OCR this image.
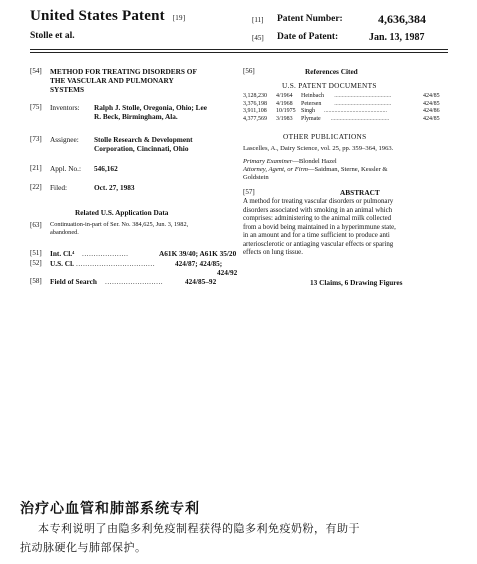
United States Patent [19]
Stolle et al.
[11] Patent Number:	4,636,384
[45] Date of Patent:	Jan. 13, 1987
[54] METHOD FOR TREATING DISORDERS OF
THE VASCULAR AND PULMONARY
SYSTEMS
[75] Inventors: Ralph J. Stolle, Oregonia, Ohio; Lee
R. Beck, Birmingham, Ala.
[73] Assignee: Stolle Research & Development
Corporation, Cincinnati, Ohio
[21] Appl. No.: 546,162
[22] Filed:	Oct. 27, 1983
Related U.S. Application Data
[63] Continuation-in-part of Ser. No. 384,625, Jun. 3, 1982,
abandoned.
[51] Int. Cl.⁴ ....................	A61K 39/40; A61K 35/20
[52] U.S. Cl. ..................................	424/87; 424/85;
424/92
[58] Field of Search .........................	424/85–92
[56]	References Cited
U.S. PATENT DOCUMENTS
3,128,230 4/1964 Heinbach	424/85
......................................
3,376,198 4/1968 Petersen	424/85
......................................
3,911,108 10/1975 Singh	424/86
..........................................
4,377,569 3/1983 Plymate	424/85
.......................................
OTHER PUBLICATIONS
Lascelles, A., Dairy Science, vol. 25, pp. 359–364, 1963.
Primary Examiner—Blondel Hazel
Attorney, Agent, or Firm—Saidman, Sterne, Kessler &
Goldstein
[57]	ABSTRACT
A method for treating vascular disorders or pulmonary
disorders associated with smoking in an animal which
comprises: administering to the animal milk collected
from a bovid being maintained in a hyperimmune state,
in an amount and for a time sufficient to produce anti
arteriosclerotic or antiaging vascular effects or sparing
effects on lung tissue.
13 Claims, 6 Drawing Figures
治疗心血管和肺部系统专利
本专利说明了由隐多利免疫制程获得的隐多利免疫奶粉，有助于
抗动脉硬化与肺部保护。
